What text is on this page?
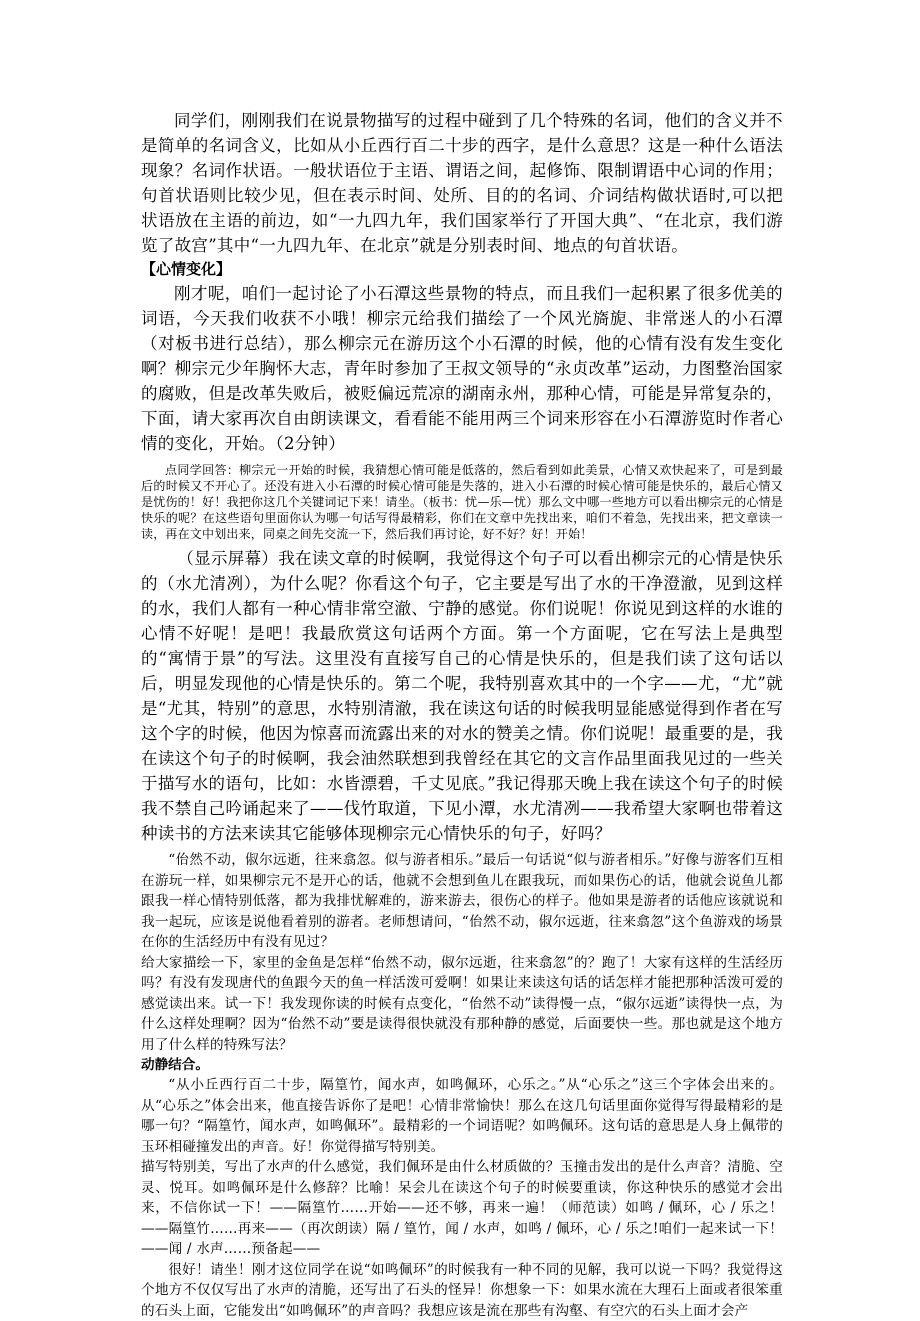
同学们，刚刚我们在说景物描写的过程中碰到了几个特殊的名词，他们的含义并不是简单的名词含义，比如从小丘西行百二十步的西字，是什么意思？这是一种什么语法现象？名词作状语。一般状语位于主语、谓语之间，起修饰、限制谓语中心词的作用；句首状语则比较少见，但在表示时间、处所、目的的名词、介词结构做状语时,可以把状语放在主语的前边，如“一九四九年，我们国家举行了开国大典”、“在北京，我们游览了故宫”其中“一九四九年、在北京”就是分别表时间、地点的句首状语。

【心情变化】

刚才呢，咱们一起讨论了小石潭这些景物的特点，而且我们一起积累了很多优美的词语，今天我们收获不小哦！柳宗元给我们描绘了一个风光旖旎、非常迷人的小石潭（对板书进行总结），那么柳宗元在游历这个小石潭的时候，他的心情有没有发生变化啊？柳宗元少年胸怀大志，青年时参加了王叔文领导的“永贞改革”运动，力图整治国家的腐败，但是改革失败后，被贬偏远荒凉的湖南永州，那种心情，可能是异常复杂的，下面，请大家再次自由朗读课文，看看能不能用两三个词来形容在小石潭游览时作者心情的变化，开始。（2分钟）

点同学回答：柳宗元一开始的时候，我猜想心情可能是低落的，然后看到如此美景，心情又欢快起来了，可是到最后的时候又不开心了。还没有进入小石潭的时候心情可能是失落的，进入小石潭的时候心情可能是快乐的，最后心情又是忧伤的！好！我把你这几个关键词记下来！请坐。（板书：忧—乐—忧）那么文中哪一些地方可以看出柳宗元的心情是快乐的呢？在这些语句里面你认为哪一句话写得最精彩，你们在文章中先找出来，咱们不着急，先找出来，把文章读一读，再在文中划出来，同桌之间先交流一下，然后我们再讨论，好不好？好！开始！

（显示屏幕）我在读文章的时候啊，我觉得这个句子可以看出柳宗元的心情是快乐的（水尤清冽），为什么呢？你看这个句子，它主要是写出了水的干净澄澈，见到这样的水，我们人都有一种心情非常空澈、宁静的感觉。你们说呢！你说见到这样的水谁的心情不好呢！是吧！我最欣赏这句话两个方面。第一个方面呢，它在写法上是典型的“寓情于景”的写法。这里没有直接写自己的心情是快乐的，但是我们读了这句话以后，明显发现他的心情是快乐的。第二个呢，我特别喜欢其中的一个字——尤，“尤”就是“尤其，特别”的意思，水特别清澈，我在读这句话的时候我明显能感觉得到作者在写这个字的时候，他因为惊喜而流露出来的对水的赞美之情。你们说呢！最重要的是，我在读这个句子的时候啊，我会油然联想到我曾经在其它的文言作品里面我见过的一些关于描写水的语句，比如：水皆漂碧，千丈见底。”我记得那天晚上我在读这个句子的时候我不禁自己吟诵起来了——伐竹取道，下见小潭，水尤清冽——我希望大家啊也带着这种读书的方法来读其它能够体现柳宗元心情快乐的句子，好吗？

“佁然不动，俶尔远逝，往来翕忽。似与游者相乐。”最后一句话说“似与游者相乐。”好像与游客们互相在游玩一样，如果柳宗元不是开心的话，他就不会想到鱼儿在跟我玩，而如果伤心的话，他就会说鱼儿都跟我一样心情特别低落，都为我排忧解难的，游来游去，很伤心的样子。他如果是游者的话他应该就说和我一起玩，应该是说他看着别的游者。老师想请问，“佁然不动，俶尔远逝，往来翕忽”这个鱼游戏的场景在你的生活经历中有没有见过？

给大家描绘一下，家里的金鱼是怎样“佁然不动，俶尔远逝，往来翕忽”的？跑了！大家有这样的生活经历吗？有没有发现唐代的鱼跟今天的鱼一样活泼可爱啊！如果让来读这句话的话怎样才能把那种活泼可爱的感觉读出来。试一下！我发现你读的时候有点变化，“佁然不动”读得慢一点，“俶尔远逝”读得快一点，为什么这样处理啊？因为“佁然不动”要是读得很快就没有那种静的感觉，后面要快一些。那也就是这个地方用了什么样的特殊写法？

动静结合。

“从小丘西行百二十步，隔篁竹，闻水声，如鸣佩环，心乐之。”从“心乐之”这三个字体会出来的。从“心乐之”体会出来，他直接告诉你了是吧！心情非常愉快！那么在这几句话里面你觉得写得最精彩的是哪一句？“隔篁竹，闻水声，如鸣佩环”。最精彩的一个词语呢？如鸣佩环。这句话的意思是人身上佩带的玉环相碰撞发出的声音。好！你觉得描写特别美。

描写特别美，写出了水声的什么感觉，我们佩环是由什么材质做的？玉撞击发出的是什么声音？清脆、空灵、悦耳。如鸣佩环是什么修辞？比喻！呆会儿在读这个句子的时候要重读，你这种快乐的感觉才会出来，不信你试一下！——隔篁竹……开始——还不够，再来一遍！（师范读）如鸣 / 佩环，心 / 乐之！——隔篁竹……再来——（再次朗读）隔 / 篁竹，闻 / 水声，如鸣 / 佩环，心 / 乐之!咱们一起来试一下！——闻 / 水声……预备起——

很好！请坐！刚才这位同学在说“如鸣佩环”的时候我有一种不同的见解，我可以说一下吗？我觉得这个地方不仅仅写出了水声的清脆，还写出了石头的怪异！你想象一下：如果水流在大理石上面或者很笨重的石头上面，它能发出“如鸣佩环”的声音吗？我想应该是流在那些有沟壑、有空穴的石头上面才会产
